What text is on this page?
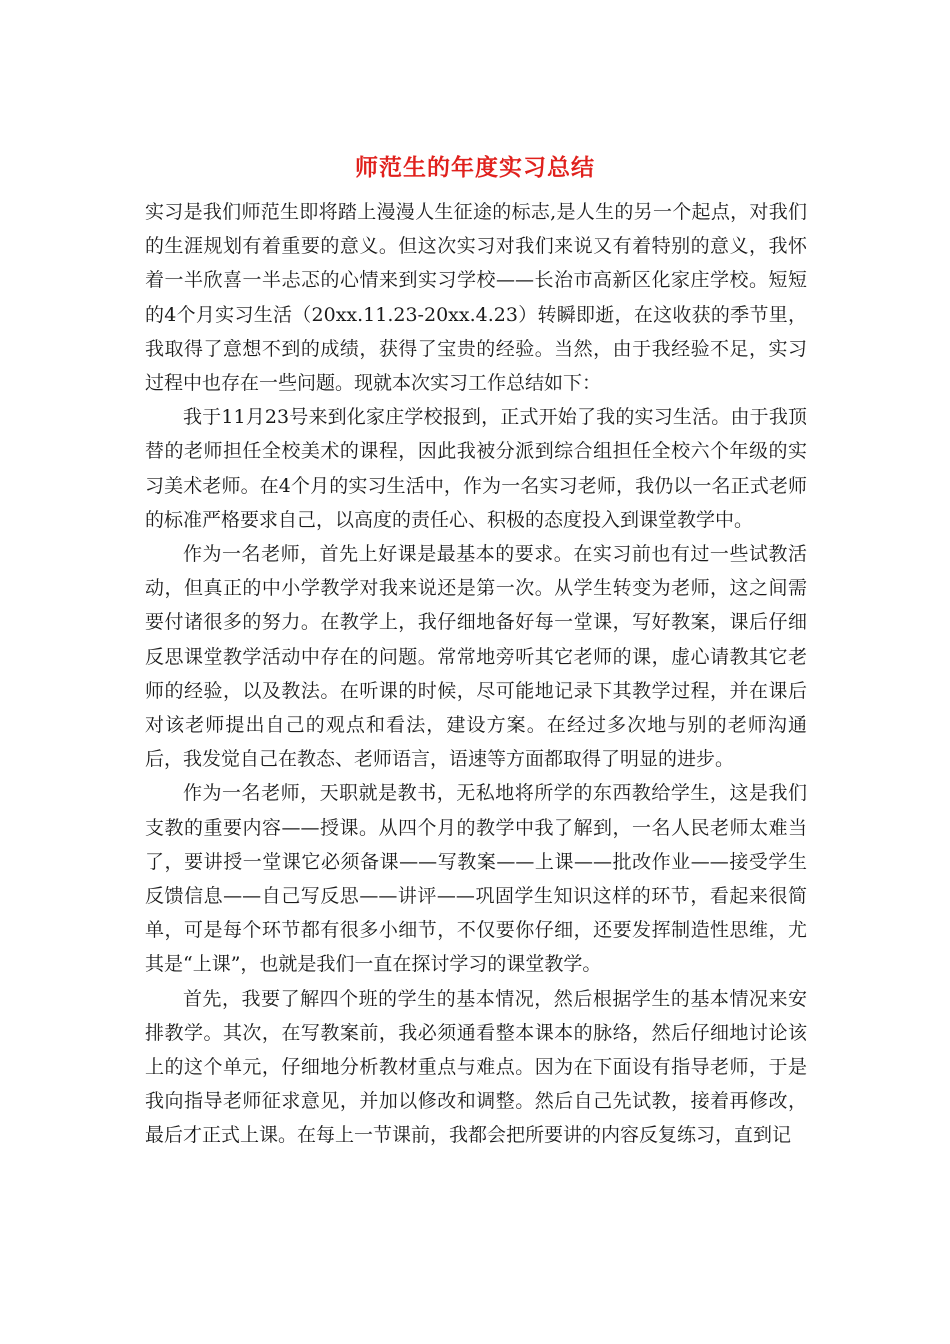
师范生的年度实习总结

实习是我们师范生即将踏上漫漫人生征途的标志,是人生的另一个起点，对我们的生涯规划有着重要的意义。但这次实习对我们来说又有着特别的意义，我怀着一半欣喜一半忐忑的心情来到实习学校——长治市高新区化家庄学校。短短的4个月实习生活（20xx.11.23-20xx.4.23）转瞬即逝，在这收获的季节里，我取得了意想不到的成绩，获得了宝贵的经验。当然，由于我经验不足，实习过程中也存在一些问题。现就本次实习工作总结如下：

我于11月23号来到化家庄学校报到，正式开始了我的实习生活。由于我顶替的老师担任全校美术的课程，因此我被分派到综合组担任全校六个年级的实习美术老师。在4个月的实习生活中，作为一名实习老师，我仍以一名正式老师的标准严格要求自己，以高度的责任心、积极的态度投入到课堂教学中。

作为一名老师，首先上好课是最基本的要求。在实习前也有过一些试教活动，但真正的中小学教学对我来说还是第一次。从学生转变为老师，这之间需要付诸很多的努力。在教学上，我仔细地备好每一堂课，写好教案，课后仔细反思课堂教学活动中存在的问题。常常地旁听其它老师的课，虚心请教其它老师的经验，以及教法。在听课的时候，尽可能地记录下其教学过程，并在课后对该老师提出自己的观点和看法，建设方案。在经过多次地与别的老师沟通后，我发觉自己在教态、老师语言，语速等方面都取得了明显的进步。

作为一名老师，天职就是教书，无私地将所学的东西教给学生，这是我们支教的重要内容——授课。从四个月的教学中我了解到，一名人民老师太难当了，要讲授一堂课它必须备课——写教案——上课——批改作业——接受学生反馈信息——自己写反思——讲评——巩固学生知识这样的环节，看起来很简单，可是每个环节都有很多小细节，不仅要你仔细，还要发挥制造性思维，尤其是“上课”，也就是我们一直在探讨学习的课堂教学。

首先，我要了解四个班的学生的基本情况，然后根据学生的基本情况来安排教学。其次，在写教案前，我必须通看整本课本的脉络，然后仔细地讨论该上的这个单元，仔细地分析教材重点与难点。因为在下面设有指导老师，于是我向指导老师征求意见，并加以修改和调整。然后自己先试教，接着再修改，最后才正式上课。在每上一节课前，我都会把所要讲的内容反复练习，直到记
